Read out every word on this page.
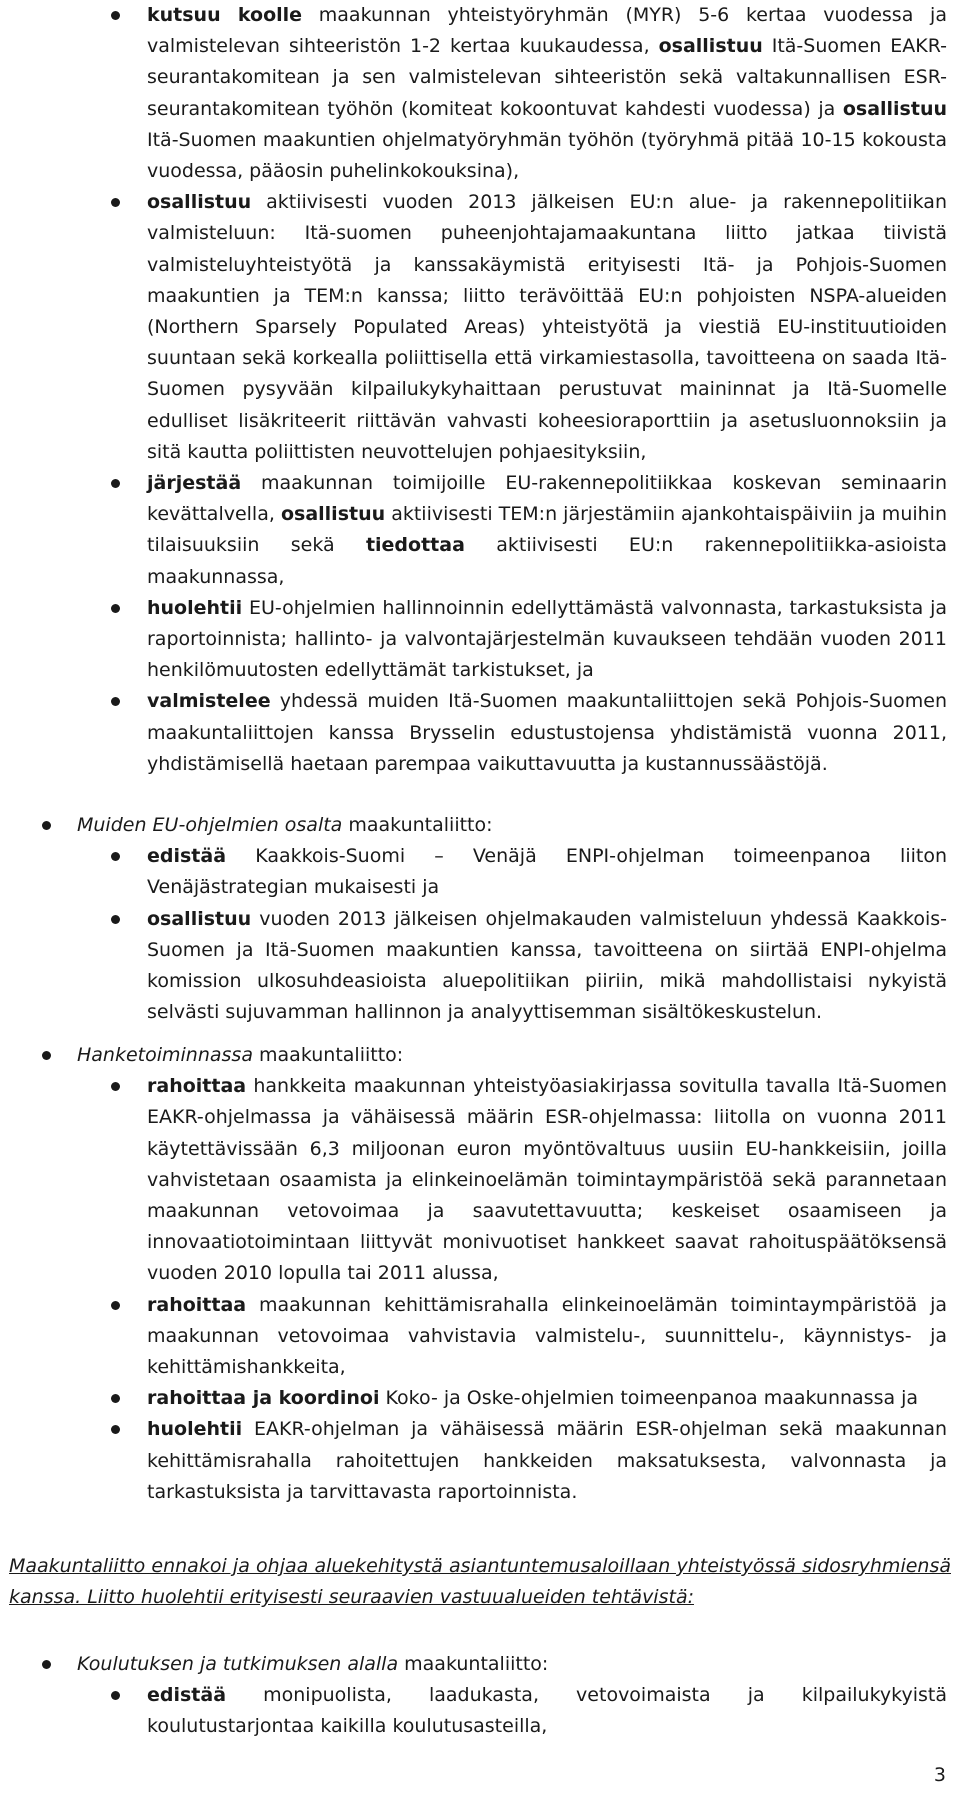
kutsuu koolle maakunnan yhteistyöryhmän (MYR) 5-6 kertaa vuodessa ja valmistelevan sihteeristön 1-2 kertaa kuukaudessa, osallistuu Itä-Suomen EAKR-seurantakomitean ja sen valmistelevan sihteeristön sekä valtakunnallisen ESR-seurantakomitean työhön (komiteat kokoontuvat kahdesti vuodessa) ja osallistuu Itä-Suomen maakuntien ohjelmatyöryhmän työhön (työryhmä pitää 10-15 kokousta vuodessa, pääosin puhelinkokouksina),

osallistuu aktiivisesti vuoden 2013 jälkeisen EU:n alue- ja rakennepolitiikan valmisteluun: Itä-suomen puheenjohtajamaakuntana liitto jatkaa tiivistä valmisteluyhteistyötä ja kanssakäymistä erityisesti Itä- ja Pohjois-Suomen maakuntien ja TEM:n kanssa; liitto terävöittää EU:n pohjoisten NSPA-alueiden (Northern Sparsely Populated Areas) yhteistyötä ja viestiä EU-instituutioiden suuntaan sekä korkealla poliittisella että virkamiestasolla, tavoitteena on saada Itä-Suomen pysyvään kilpailukykyhaittaan perustuvat maininnat ja Itä-Suomelle edulliset lisäkriteerit riittävän vahvasti koheesioraporttiin ja asetusluonnoksiin ja sitä kautta poliittisten neuvottelujen pohjaesityksiin,

järjestää maakunnan toimijoille EU-rakennepolitiikkaa koskevan seminaarin kevättalvella, osallistuu aktiivisesti TEM:n järjestämiin ajankohtaispäiviin ja muihin tilaisuuksiin sekä tiedottaa aktiivisesti EU:n rakennepolitiikka-asioista maakunnassa,

huolehtii EU-ohjelmien hallinnoinnin edellyttämästä valvonnasta, tarkastuksista ja raportoinnista; hallinto- ja valvontajärjestelmän kuvaukseen tehdään vuoden 2011 henkilömuutosten edellyttämät tarkistukset, ja

valmistelee yhdessä muiden Itä-Suomen maakuntaliittojen sekä Pohjois-Suomen maakuntaliittojen kanssa Brysselin edustustojensa yhdistämistä vuonna 2011, yhdistämisellä haetaan parempaa vaikuttavuutta ja kustannussäästöjä.

Muiden EU-ohjelmien osalta maakuntaliitto:

edistää Kaakkois-Suomi – Venäjä ENPI-ohjelman toimeenpanoa liiton Venäjästrategian mukaisesti ja

osallistuu vuoden 2013 jälkeisen ohjelmakauden valmisteluun yhdessä Kaakkois-Suomen ja Itä-Suomen maakuntien kanssa, tavoitteena on siirtää ENPI-ohjelma komission ulkosuhdeasioista aluepolitiikan piiriin, mikä mahdollistaisi nykyistä selvästi sujuvamman hallinnon ja analyyttisemman sisältökeskustelun.

Hanketoiminnassa maakuntaliitto:

rahoittaa hankkeita maakunnan yhteistyöasiakirjassa sovitulla tavalla Itä-Suomen EAKR-ohjelmassa ja vähäisessä määrin ESR-ohjelmassa: liitolla on vuonna 2011 käytettävissään 6,3 miljoonan euron myöntövaltuus uusiin EU-hankkeisiin, joilla vahvistetaan osaamista ja elinkeinoelämän toimintaympäristöä sekä parannetaan maakunnan vetovoimaa ja saavutettavuutta; keskeiset osaamiseen ja innovaatiotoimintaan liittyvät monivuotiset hankkeet saavat rahoituspäätöksensä vuoden 2010 lopulla tai 2011 alussa,

rahoittaa maakunnan kehittämisrahalla elinkeinoelämän toimintaympäristöä ja maakunnan vetovoimaa vahvistavia valmistelu-, suunnittelu-, käynnistys- ja kehittämishankkeita,

rahoittaa ja koordinoi Koko- ja Oske-ohjelmien toimeenpanoa maakunnassa ja

huolehtii EAKR-ohjelman ja vähäisessä määrin ESR-ohjelman sekä maakunnan kehittämisrahalla rahoitettujen hankkeiden maksatuksesta, valvonnasta ja tarkastuksista ja tarvittavasta raportoinnista.

Maakuntaliitto ennakoi ja ohjaa aluekehitystä asiantuntemusaloillaan yhteistyössä sidosryhmiensä kanssa. Liitto huolehtii erityisesti seuraavien vastuualueiden tehtävistä:

Koulutuksen ja tutkimuksen alalla maakuntaliitto:

edistää monipuolista, laadukasta, vetovoimaista ja kilpailukykyistä koulutustarjontaa kaikilla koulutusasteilla,

3
